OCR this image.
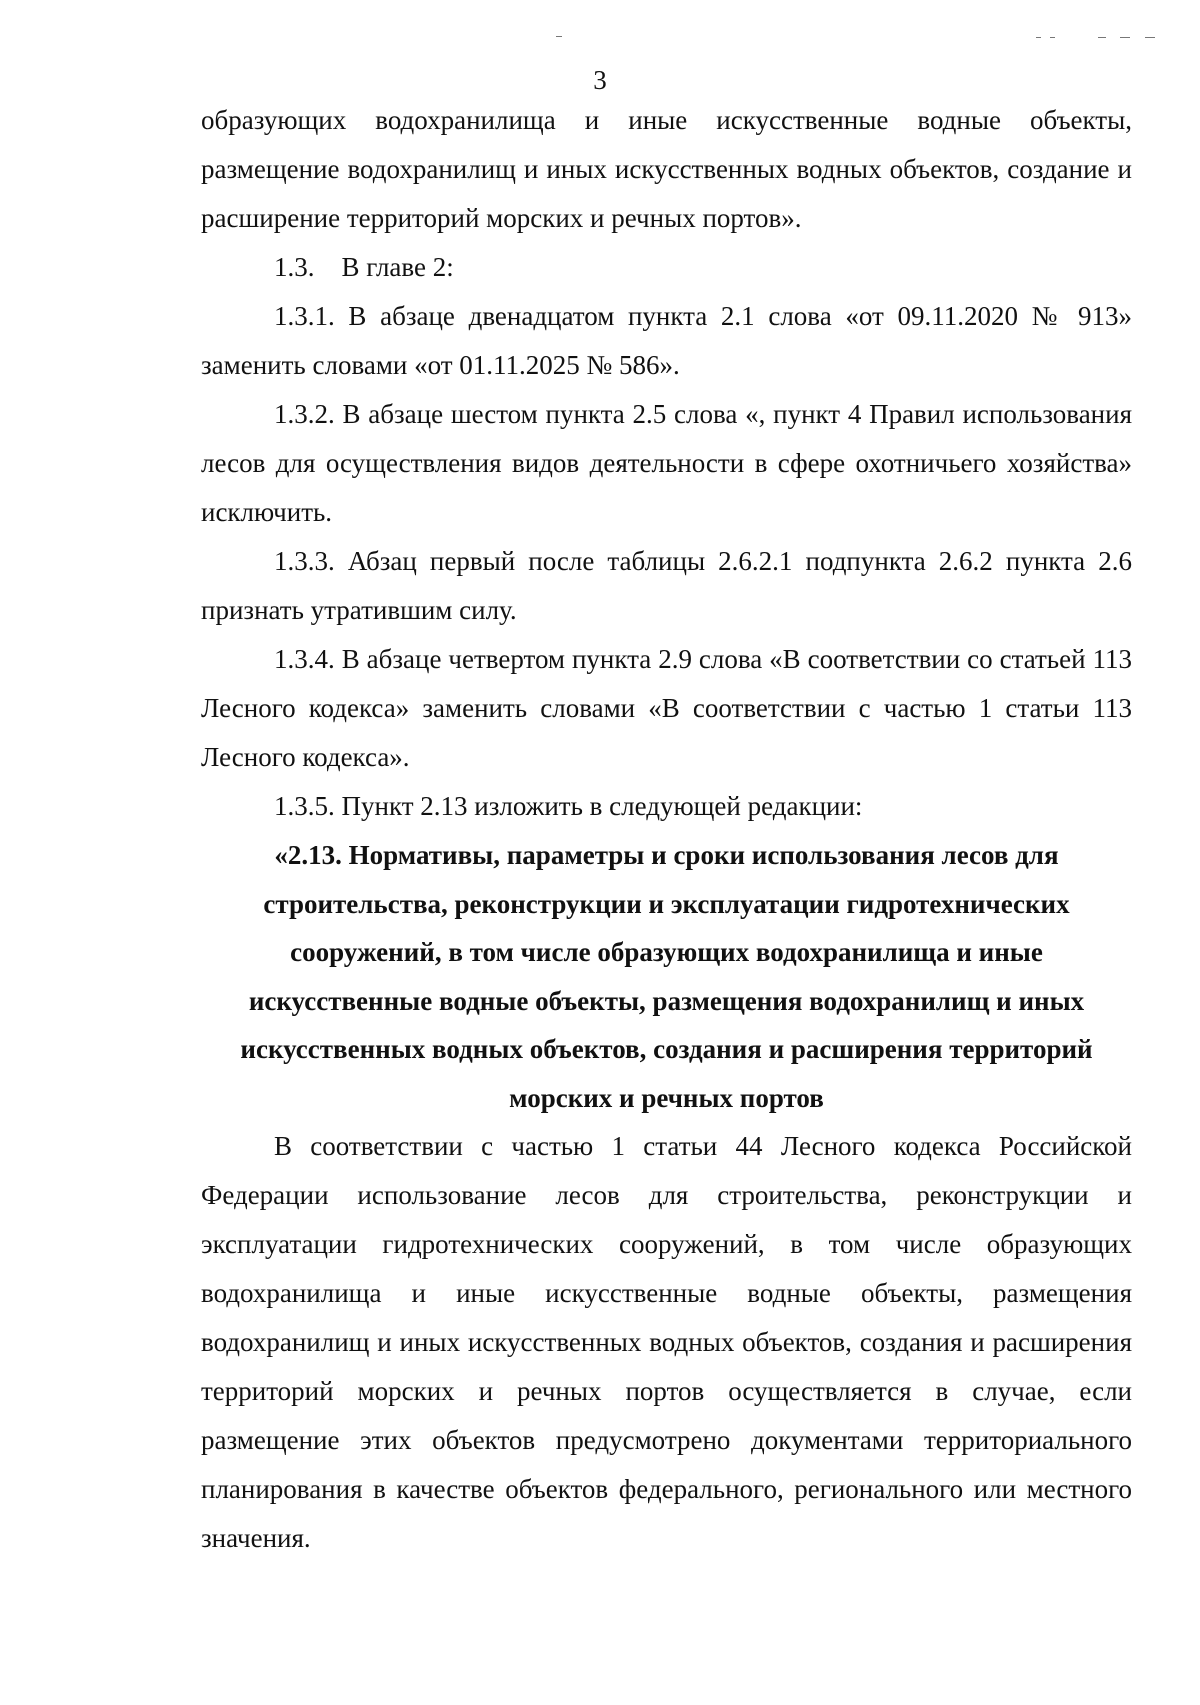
3

образующих водохранилища и иные искусственные водные объекты, размещение водохранилищ и иных искусственных водных объектов, создание и расширение территорий морских и речных портов».

1.3.    В главе 2:

1.3.1. В абзаце двенадцатом пункта 2.1 слова «от 09.11.2020 № 913» заменить словами «от 01.11.2025 № 586».

1.3.2. В абзаце шестом пункта 2.5 слова «, пункт 4 Правил использования лесов для осуществления видов деятельности в сфере охотничьего хозяйства» исключить.

1.3.3. Абзац первый после таблицы 2.6.2.1 подпункта 2.6.2 пункта 2.6 признать утратившим силу.

1.3.4. В абзаце четвертом пункта 2.9 слова «В соответствии со статьей 113 Лесного кодекса» заменить словами «В соответствии с частью 1 статьи 113 Лесного кодекса».

1.3.5. Пункт 2.13 изложить в следующей редакции:

«2.13. Нормативы, параметры и сроки использования лесов для строительства, реконструкции и эксплуатации гидротехнических сооружений, в том числе образующих водохранилища и иные искусственные водные объекты, размещения водохранилищ и иных искусственных водных объектов, создания и расширения территорий морских и речных портов

В соответствии с частью 1 статьи 44 Лесного кодекса Российской Федерации использование лесов для строительства, реконструкции и эксплуатации гидротехнических сооружений, в том числе образующих водохранилища и иные искусственные водные объекты, размещения водохранилищ и иных искусственных водных объектов, создания и расширения территорий морских и речных портов осуществляется в случае, если размещение этих объектов предусмотрено документами территориального планирования в качестве объектов федерального, регионального или местного значения.
